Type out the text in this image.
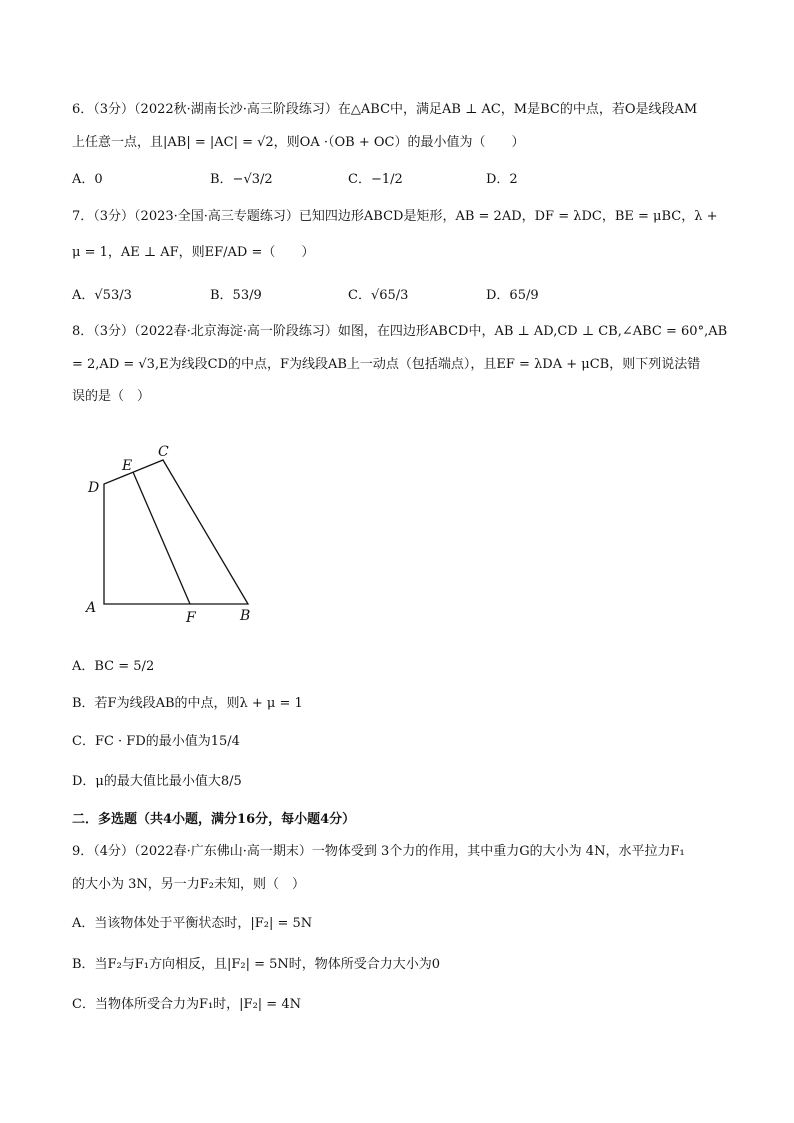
6．（3分）（2022秋·湖南长沙·高三阶段练习）在△ABC中，满足AB ⊥ AC，M是BC的中点，若O是线段AM
上任意一点，且|AB| = |AC| = √2，则OA ·（OB + OC）的最小值为（　　）
A．0	B．−√3/2	C．−1/2	D．2
7．（3分）（2023·全国·高三专题练习）已知四边形ABCD是矩形，AB = 2AD，DF = λDC，BE = μBC，λ +
μ = 1，AE ⊥ AF，则EF/AD =（　　）
A．√53/3	B．53/9	C．√65/3	D．65/9
8．（3分）（2022春·北京海淀·高一阶段练习）如图，在四边形ABCD中，AB ⊥ AD,CD ⊥ CB,∠ABC = 60°,AB
= 2,AD = √3,E为线段CD的中点，F为线段AB上一动点（包括端点），且EF = λDA + μCB，则下列说法错
误的是（　）
C
E
D
A
F	B
A．BC = 5/2
B．若F为线段AB的中点，则λ + μ = 1
C．FC · FD的最小值为15/4
D．μ的最大值比最小值大8/5
二．多选题（共4小题，满分16分，每小题4分）
9．（4分）（2022春·广东佛山·高一期末）一物体受到 3个力的作用，其中重力G的大小为 4N，水平拉力F₁
的大小为 3N，另一力F₂未知，则（　）
A．当该物体处于平衡状态时，|F₂| = 5N
B．当F₂与F₁方向相反，且|F₂| = 5N时，物体所受合力大小为0
C．当物体所受合力为F₁时，|F₂| = 4N
